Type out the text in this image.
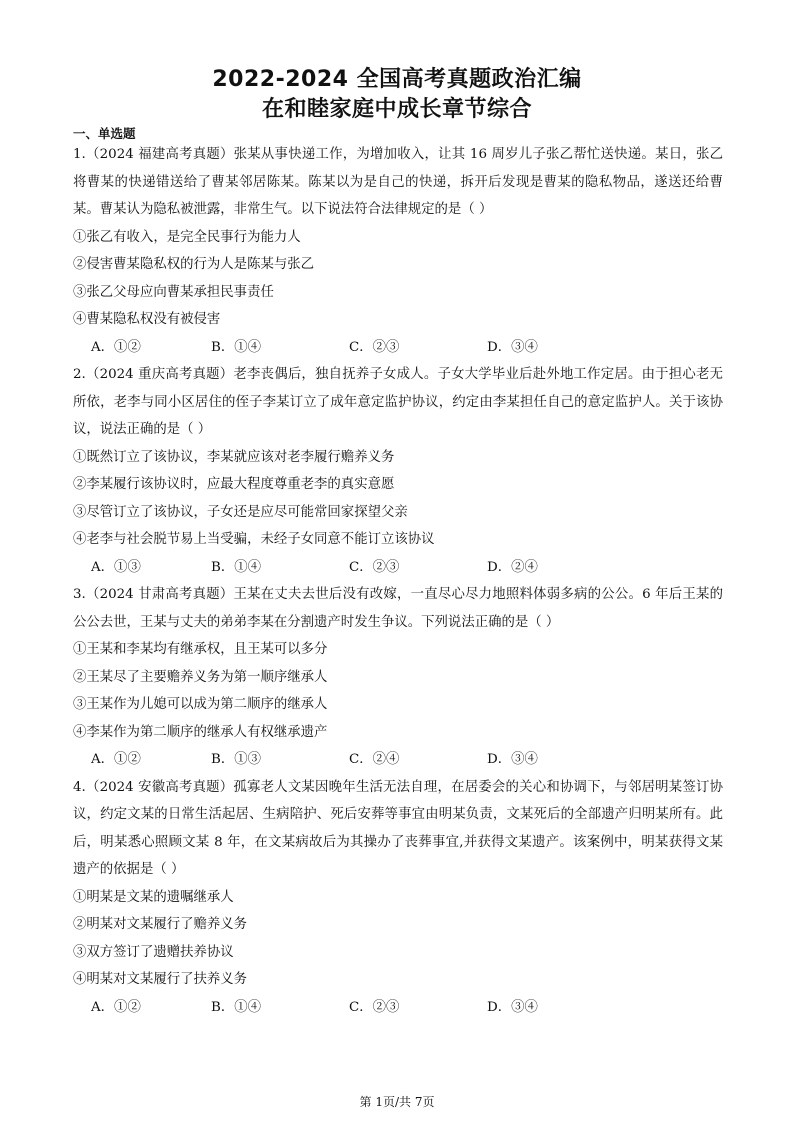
2022-2024 全国高考真题政治汇编
在和睦家庭中成长章节综合
一、单选题

1.（2024 福建高考真题）张某从事快递工作，为增加收入，让其 16 周岁儿子张乙帮忙送快递。某日，张乙将曹某的快递错送给了曹某邻居陈某。陈某以为是自己的快递，拆开后发现是曹某的隐私物品，遂送还给曹某。曹某认为隐私被泄露，非常生气。以下说法符合法律规定的是（ ）

①张乙有收入，是完全民事行为能力人

②侵害曹某隐私权的行为人是陈某与张乙

③张乙父母应向曹某承担民事责任

④曹某隐私权没有被侵害

A．①②	B．①④	C．②③	D．③④

2.（2024 重庆高考真题）老李丧偶后，独自抚养子女成人。子女大学毕业后赴外地工作定居。由于担心老无所依，老李与同小区居住的侄子李某订立了成年意定监护协议，约定由李某担任自己的意定监护人。关于该协议，说法正确的是（ ）

①既然订立了该协议，李某就应该对老李履行赡养义务

②李某履行该协议时，应最大程度尊重老李的真实意愿

③尽管订立了该协议，子女还是应尽可能常回家探望父亲

④老李与社会脱节易上当受骗，未经子女同意不能订立该协议

A．①③	B．①④	C．②③	D．②④

3.（2024 甘肃高考真题）王某在丈夫去世后没有改嫁，一直尽心尽力地照料体弱多病的公公。6 年后王某的公公去世，王某与丈夫的弟弟李某在分割遗产时发生争议。下列说法正确的是（ ）

①王某和李某均有继承权，且王某可以多分

②王某尽了主要赡养义务为第一顺序继承人

③王某作为儿媳可以成为第二顺序的继承人

④李某作为第二顺序的继承人有权继承遗产

A．①②	B．①③	C．②④	D．③④

4.（2024 安徽高考真题）孤寡老人文某因晚年生活无法自理，在居委会的关心和协调下，与邻居明某签订协议，约定文某的日常生活起居、生病陪护、死后安葬等事宜由明某负责，文某死后的全部遗产归明某所有。此后，明某悉心照顾文某 8 年，在文某病故后为其操办了丧葬事宜,并获得文某遗产。该案例中，明某获得文某遗产的依据是（ ）

①明某是文某的遗嘱继承人

②明某对文某履行了赡养义务

③双方签订了遗赠扶养协议

④明某对文某履行了扶养义务

A．①②	B．①④	C．②③	D．③④
第 1页/共 7页
